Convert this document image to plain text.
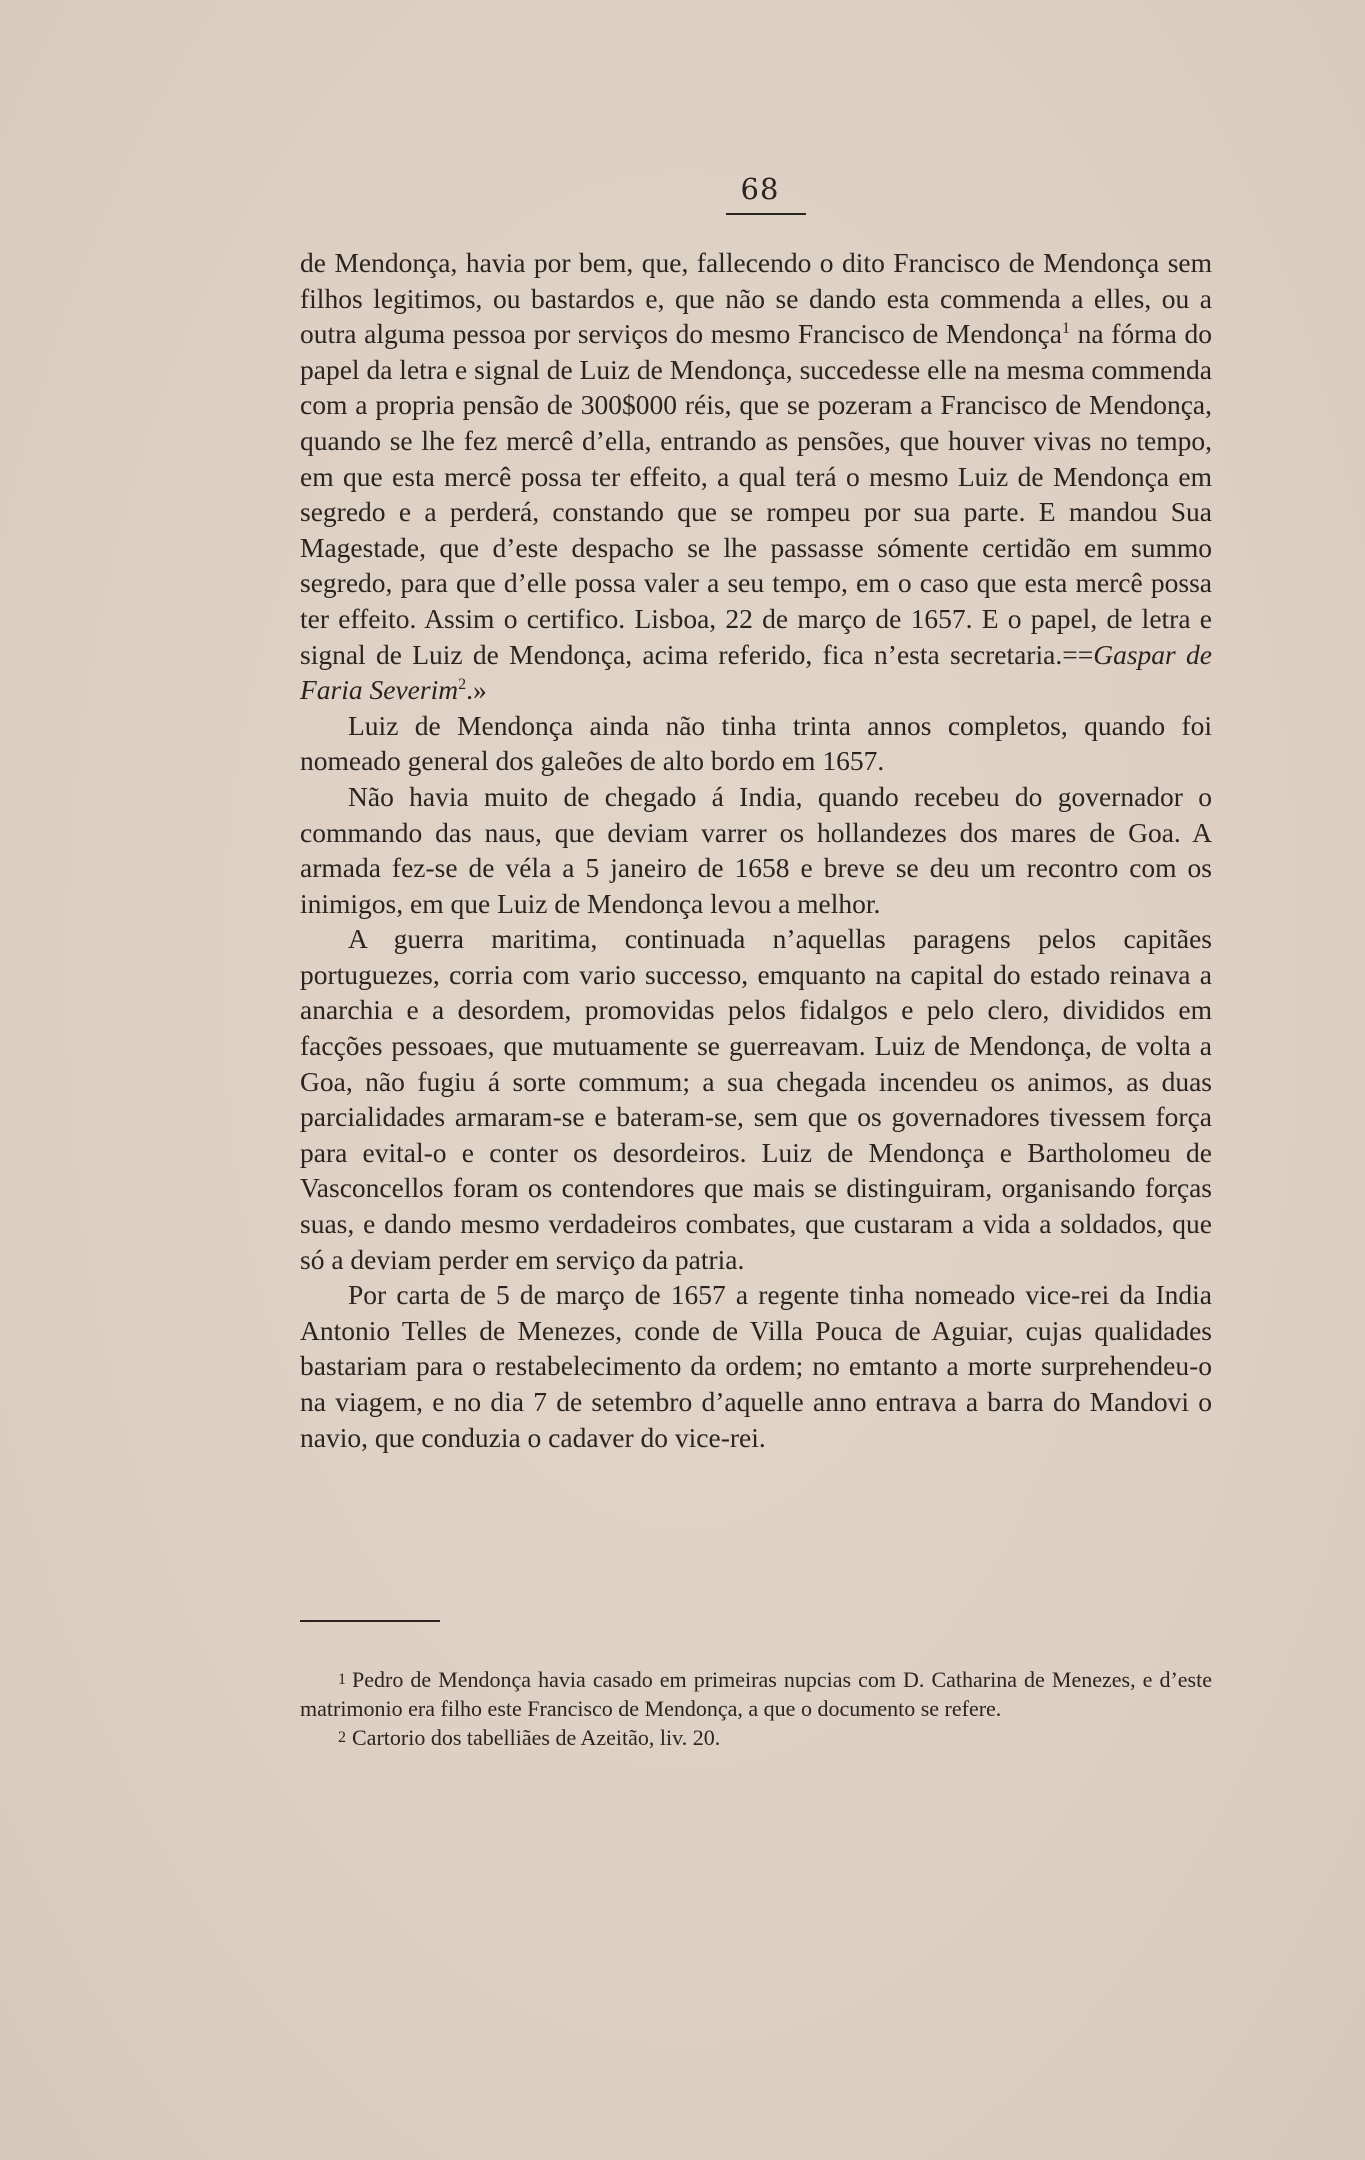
68

de Mendonça, havia por bem, que, fallecendo o dito Francisco de Mendonça sem filhos legitimos, ou bastardos e, que não se dando esta commenda a elles, ou a outra alguma pessoa por serviços do mesmo Francisco de Mendonça$^1$ na fórma do papel da letra e signal de Luiz de Mendonça, succedesse elle na mesma commenda com a propria pensão de 300$000 réis, que se pozeram a Francisco de Mendonça, quando se lhe fez mercê d’ella, entrando as pensões, que houver vivas no tempo, em que esta mercê possa ter effeito, a qual terá o mesmo Luiz de Mendonça em segredo e a perderá, constando que se rompeu por sua parte. E mandou Sua Magestade, que d’este despacho se lhe passasse sómente certidão em summo segredo, para que d’elle possa valer a seu tempo, em o caso que esta mercê possa ter effeito. Assim o certifico. Lisboa, 22 de março de 1657. E o papel, de letra e signal de Luiz de Mendonça, acima referido, fica n’esta secretaria.==Gaspar de Faria Severim$^2$.»

Luiz de Mendonça ainda não tinha trinta annos completos, quando foi nomeado general dos galeões de alto bordo em 1657.

Não havia muito de chegado á India, quando recebeu do governador o commando das naus, que deviam varrer os hollandezes dos mares de Goa. A armada fez-se de véla a 5 janeiro de 1658 e breve se deu um recontro com os inimigos, em que Luiz de Mendonça levou a melhor.

A guerra maritima, continuada n’aquellas paragens pelos capitães portuguezes, corria com vario successo, emquanto na capital do estado reinava a anarchia e a desordem, promovidas pelos fidalgos e pelo clero, divididos em facções pessoaes, que mutuamente se guerreavam. Luiz de Mendonça, de volta a Goa, não fugiu á sorte commum; a sua chegada incendeu os animos, as duas parcialidades armaram-se e bateram-se, sem que os governadores tivessem força para evital-o e conter os desordeiros. Luiz de Mendonça e Bartholomeu de Vasconcellos foram os contendores que mais se distinguiram, organisando forças suas, e dando mesmo verdadeiros combates, que custaram a vida a soldados, que só a deviam perder em serviço da patria.

Por carta de 5 de março de 1657 a regente tinha nomeado vice-rei da India Antonio Telles de Menezes, conde de Villa Pouca de Aguiar, cujas qualidades bastariam para o restabelecimento da ordem; no emtanto a morte surprehendeu-o na viagem, e no dia 7 de setembro d’aquelle anno entrava a barra do Mandovi o navio, que conduzia o cadaver do vice-rei.

1 Pedro de Mendonça havia casado em primeiras nupcias com D. Catharina de Menezes, e d’este matrimonio era filho este Francisco de Mendonça, a que o documento se refere.

2 Cartorio dos tabelliães de Azeitão, liv. 20.
